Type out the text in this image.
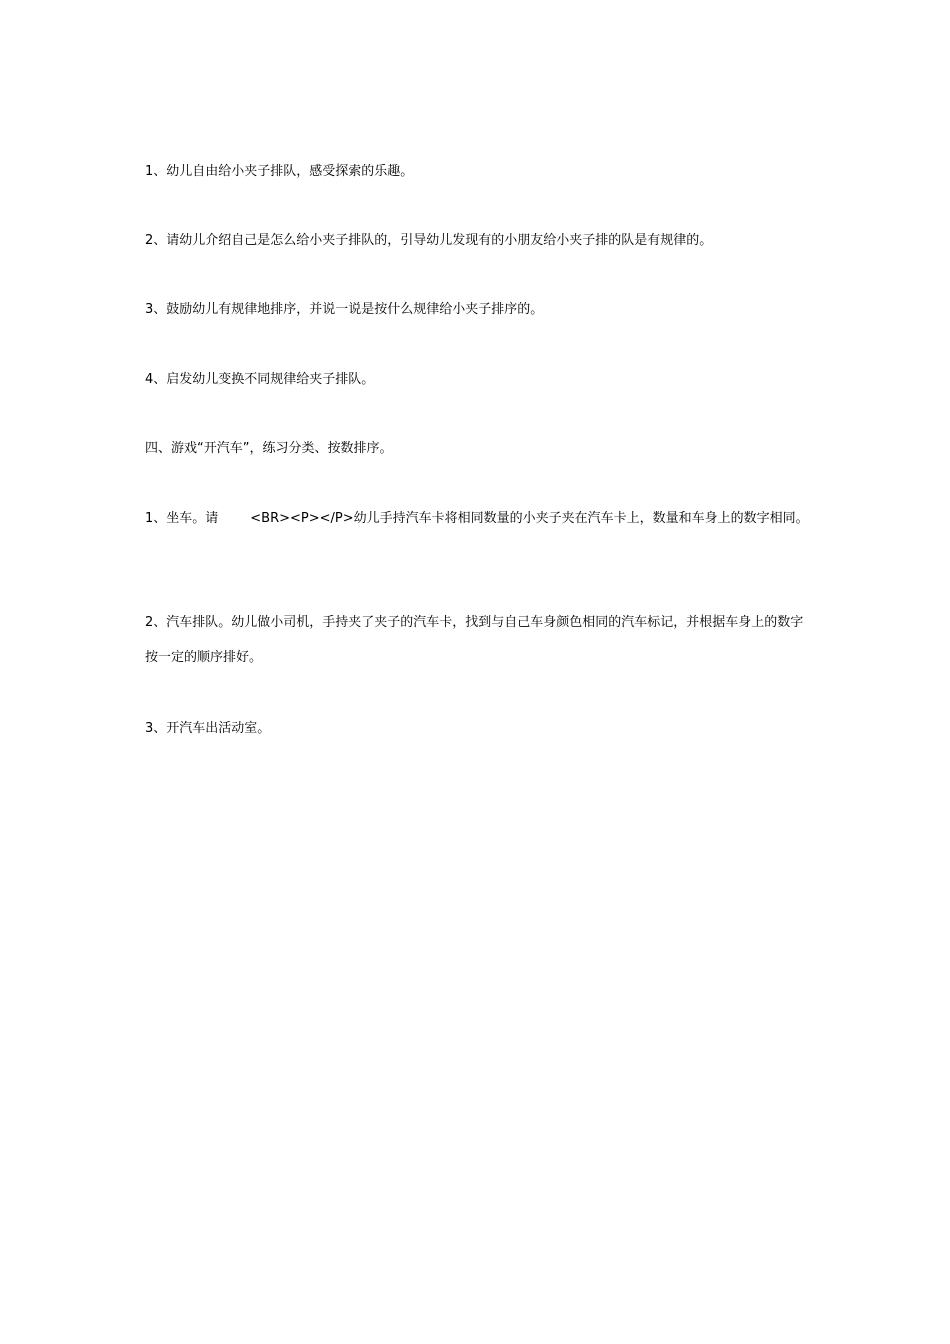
1、幼儿自由给小夹子排队，感受探索的乐趣。
2、请幼儿介绍自己是怎么给小夹子排队的，引导幼儿发现有的小朋友给小夹子排的队是有规律的。
3、鼓励幼儿有规律地排序，并说一说是按什么规律给小夹子排序的。
4、启发幼儿变换不同规律给夹子排队。
四、游戏“开汽车”，练习分类、按数排序。
1、坐车。请 <BR><P></P>幼儿手持汽车卡将相同数量的小夹子夹在汽车卡上，数量和车身上的数字相同。
2、汽车排队。幼儿做小司机，手持夹了夹子的汽车卡，找到与自己车身颜色相同的汽车标记，并根据车身上的数字按一定的顺序排好。
3、开汽车出活动室。
